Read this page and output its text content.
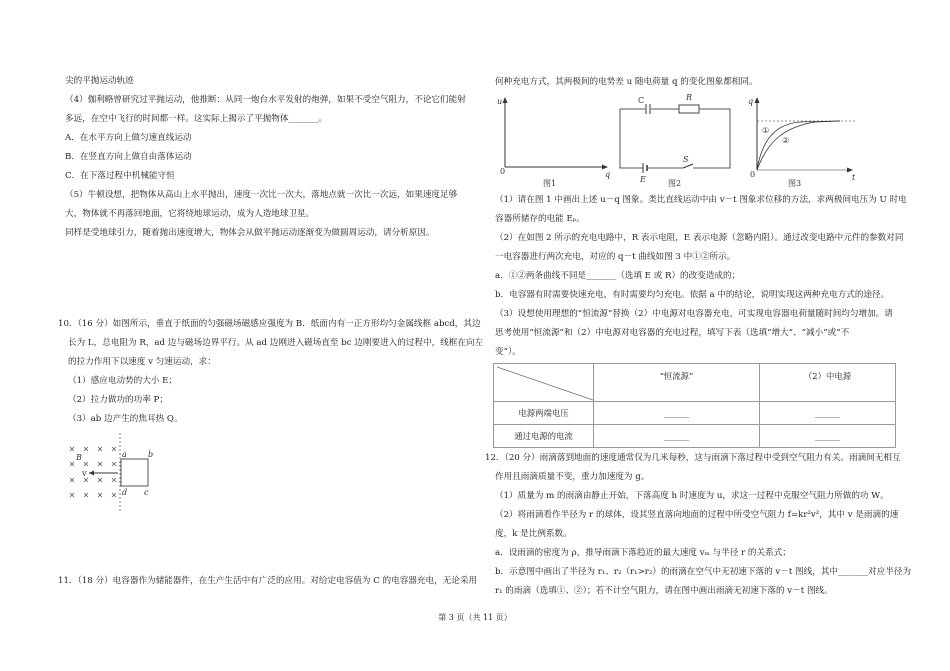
B
v
a	b
c
d
u
0	q
图1
C	R
E
S
图2
q
0	t
①
②
图3
	“恒流源”	（2）中电源
电源两端电压	______	______
通过电源的电流	______	______
第 3 页（共 11 页）
尖的平抛运动轨迹
（4）伽利略曾研究过平抛运动，他推断：从同一炮台水平发射的炮弹，如果不受空气阻力，不论它们能射
多远，在空中飞行的时间都一样。这实际上揭示了平抛物体_______。
A．在水平方向上做匀速直线运动
B．在竖直方向上做自由落体运动
C．在下落过程中机械能守恒
（5）牛顿设想，把物体从高山上水平抛出，速度一次比一次大，落地点就一次比一次远，如果速度足够
大，物体就不再落回地面，它将绕地球运动，成为人造地球卫星。
同样是受地球引力，随着抛出速度增大，物体会从做平抛运动逐渐变为做圆周运动，请分析原因。
10．（16 分）如图所示，垂直于纸面的匀强磁场磁感应强度为 B．纸面内有一正方形均匀金属线框 abcd，其边
长为 L，总电阻为 R，ad 边与磁场边界平行。从 ad 边刚进入磁场直至 bc 边刚要进入的过程中，线框在向左
的拉力作用下以速度 v 匀速运动，求：
（1）感应电动势的大小 E；
（2）拉力做功的功率 P；
（3）ab 边产生的焦耳热 Q。
11．（18 分）电容器作为储能器件，在生产生活中有广泛的应用。对给定电容值为 C 的电容器充电，无论采用
何种充电方式，其两极间的电势差 u 随电荷量 q 的变化图象都相同。
（1）请在图 1 中画出上述 u－q 图象。类比直线运动中由 v－t 图象求位移的方法，求两极间电压为 U 时电
容器所储存的电能 Eₚ。
（2）在如图 2 所示的充电电路中，R 表示电阻，E 表示电源（忽略内阻）。通过改变电路中元件的参数对同
一电容器进行两次充电，对应的 q－t 曲线如图 3 中①②所示。
a．①②两条曲线不同是_______（选填 E 或 R）的改变造成的；
b．电容器有时需要快速充电，有时需要均匀充电。依据 a 中的结论，说明实现这两种充电方式的途径。
（3）设想使用理想的“恒流源”替换（2）中电源对电容器充电，可实现电容器电荷量随时间均匀增加。请
思考使用“恒流源”和（2）中电源对电容器的充电过程，填写下表（选填“增大”、“减小”或“不
变”）。
12．（20 分）雨滴落到地面的速度通常仅为几米每秒，这与雨滴下落过程中受到空气阻力有关。雨滴间无相互
作用且雨滴质量不变，重力加速度为 g。
（1）质量为 m 的雨滴由静止开始，下落高度 h 时速度为 u，求这一过程中克服空气阻力所做的功 W。
（2）将雨滴看作半径为 r 的球体，设其竖直落向地面的过程中所受空气阻力 f=kr²v²，其中 v 是雨滴的速
度，k 是比例系数。
a．设雨滴的密度为 ρ，推导雨滴下落趋近的最大速度 vₘ 与半径 r 的关系式；
b．示意图中画出了半径为 r₁、r₂（r₁>r₂）的雨滴在空气中无初速下落的 v－t 图线，其中_______对应半径为
r₁ 的雨滴（选填①、②）；若不计空气阻力，请在图中画出雨滴无初速下落的 v－t 图线。
